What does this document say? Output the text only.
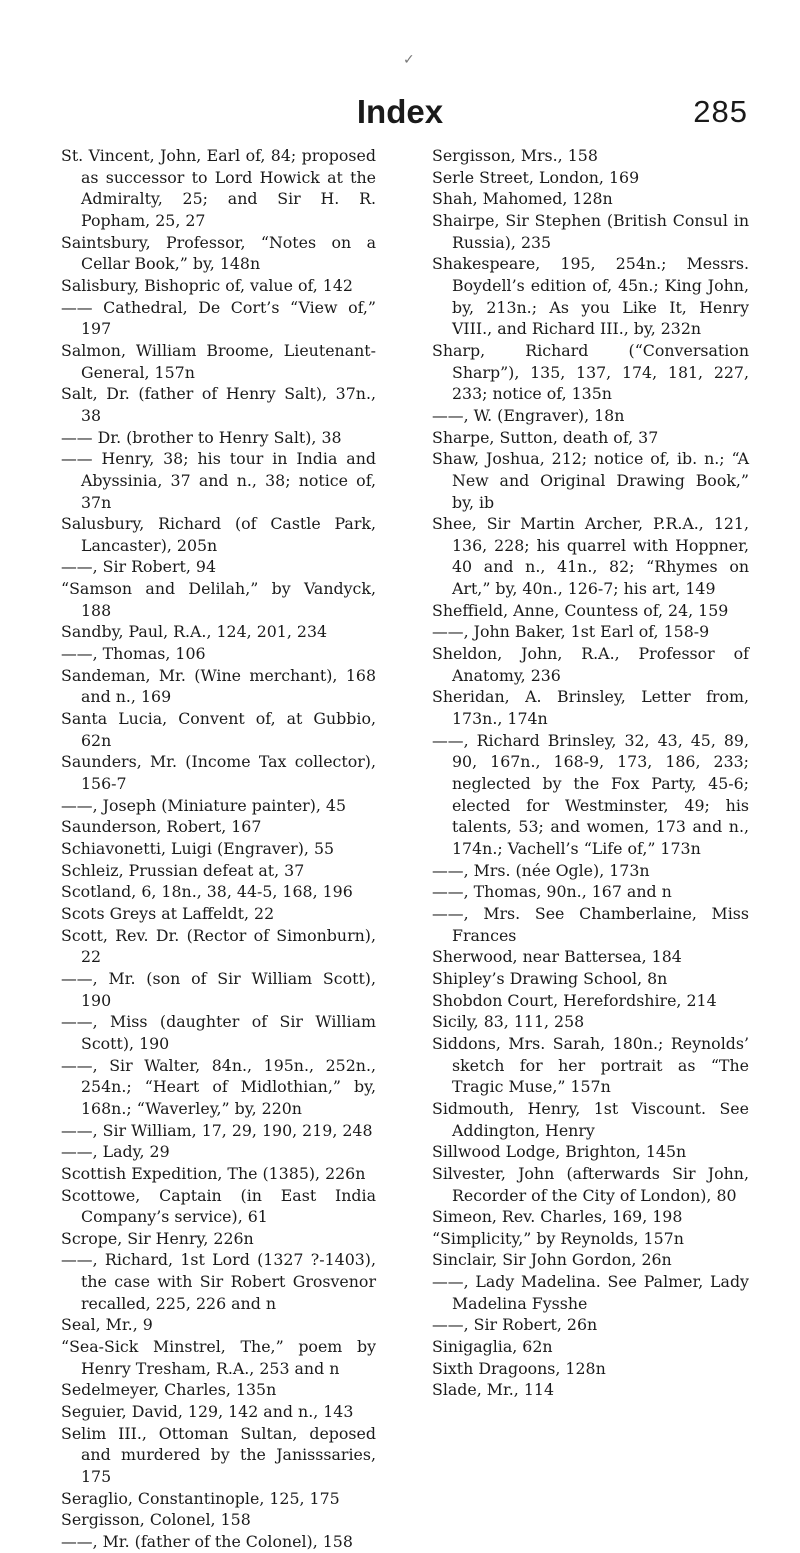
✓
Index	285

St. Vincent, John, Earl of, 84; proposed as successor to Lord Howick at the Admiralty, 25; and Sir H. R. Popham, 25, 27

Saintsbury, Professor, “Notes on a Cellar Book,” by, 148n

Salisbury, Bishopric of, value of, 142

—— Cathedral, De Cort’s “View of,” 197

Salmon, William Broome, Lieutenant-General, 157n

Salt, Dr. (father of Henry Salt), 37n., 38

—— Dr. (brother to Henry Salt), 38

—— Henry, 38; his tour in India and Abyssinia, 37 and n., 38; notice of, 37n

Salusbury, Richard (of Castle Park, Lancaster), 205n

——, Sir Robert, 94

“Samson and Delilah,” by Vandyck, 188

Sandby, Paul, R.A., 124, 201, 234

——, Thomas, 106

Sandeman, Mr. (Wine merchant), 168 and n., 169

Santa Lucia, Convent of, at Gubbio, 62n

Saunders, Mr. (Income Tax collector), 156-7

——, Joseph (Miniature painter), 45

Saunderson, Robert, 167

Schiavonetti, Luigi (Engraver), 55

Schleiz, Prussian defeat at, 37

Scotland, 6, 18n., 38, 44-5, 168, 196

Scots Greys at Laffeldt, 22

Scott, Rev. Dr. (Rector of Simonburn), 22

——, Mr. (son of Sir William Scott), 190

——, Miss (daughter of Sir William Scott), 190

——, Sir Walter, 84n., 195n., 252n., 254n.; “Heart of Midlothian,” by, 168n.; “Waverley,” by, 220n

——, Sir William, 17, 29, 190, 219, 248

——, Lady, 29

Scottish Expedition, The (1385), 226n

Scottowe, Captain (in East India Company’s service), 61

Scrope, Sir Henry, 226n

——, Richard, 1st Lord (1327 ?-1403), the case with Sir Robert Grosvenor recalled, 225, 226 and n

Seal, Mr., 9

“Sea-Sick Minstrel, The,” poem by Henry Tresham, R.A., 253 and n

Sedelmeyer, Charles, 135n

Seguier, David, 129, 142 and n., 143

Selim III., Ottoman Sultan, deposed and murdered by the Janisssaries, 175

Seraglio, Constantinople, 125, 175

Sergisson, Colonel, 158

——, Mr. (father of the Colonel), 158

Sergisson, Mrs., 158

Serle Street, London, 169

Shah, Mahomed, 128n

Shairpe, Sir Stephen (British Consul in Russia), 235

Shakespeare, 195, 254n.; Messrs. Boydell’s edition of, 45n.; King John, by, 213n.; As you Like It, Henry VIII., and Richard III., by, 232n

Sharp, Richard (“Conversation Sharp”), 135, 137, 174, 181, 227, 233; notice of, 135n

——, W. (Engraver), 18n

Sharpe, Sutton, death of, 37

Shaw, Joshua, 212; notice of, ib. n.; “A New and Original Drawing Book,” by, ib

Shee, Sir Martin Archer, P.R.A., 121, 136, 228; his quarrel with Hoppner, 40 and n., 41n., 82; “Rhymes on Art,” by, 40n., 126-7; his art, 149

Sheffield, Anne, Countess of, 24, 159

——, John Baker, 1st Earl of, 158-9

Sheldon, John, R.A., Professor of Anatomy, 236

Sheridan, A. Brinsley, Letter from, 173n., 174n

——, Richard Brinsley, 32, 43, 45, 89, 90, 167n., 168-9, 173, 186, 233; neglected by the Fox Party, 45-6; elected for Westminster, 49; his talents, 53; and women, 173 and n., 174n.; Vachell’s “Life of,” 173n

——, Mrs. (née Ogle), 173n

——, Thomas, 90n., 167 and n

——, Mrs. See Chamberlaine, Miss Frances

Sherwood, near Battersea, 184

Shipley’s Drawing School, 8n

Shobdon Court, Herefordshire, 214

Sicily, 83, 111, 258

Siddons, Mrs. Sarah, 180n.; Reynolds’ sketch for her portrait as “The Tragic Muse,” 157n

Sidmouth, Henry, 1st Viscount. See Addington, Henry

Sillwood Lodge, Brighton, 145n

Silvester, John (afterwards Sir John, Recorder of the City of London), 80

Simeon, Rev. Charles, 169, 198

“Simplicity,” by Reynolds, 157n

Sinclair, Sir John Gordon, 26n

——, Lady Madelina. See Palmer, Lady Madelina Fysshe

——, Sir Robert, 26n

Sinigaglia, 62n

Sixth Dragoons, 128n

Slade, Mr., 114
